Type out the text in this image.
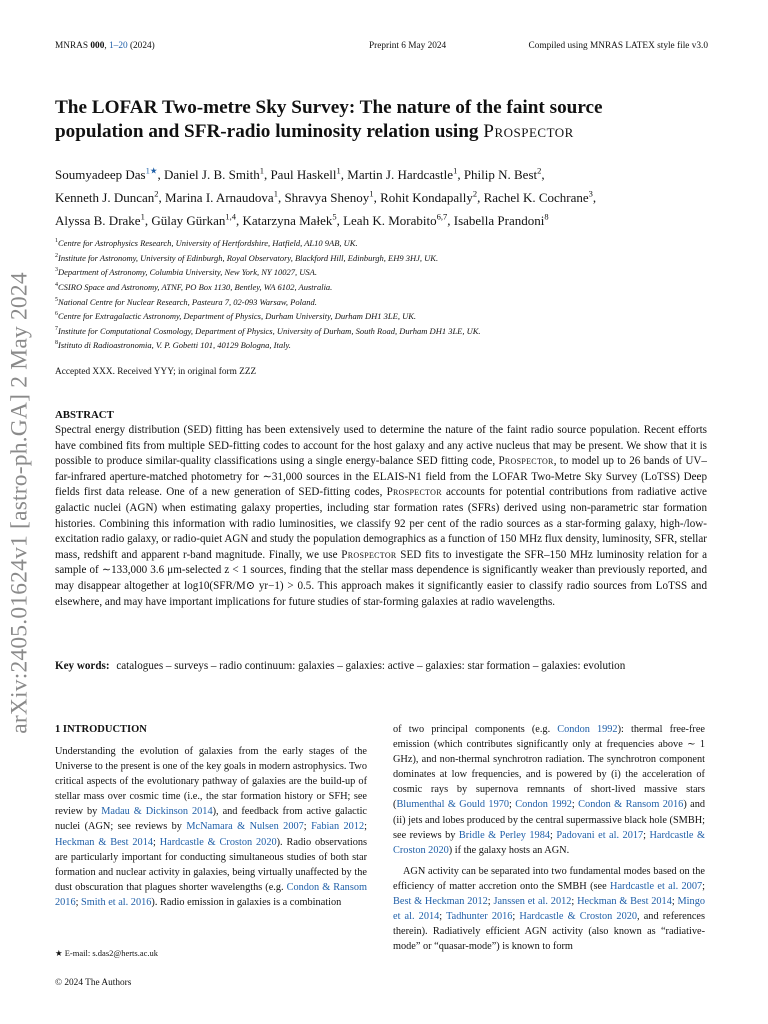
arXiv:2405.01624v1 [astro-ph.GA] 2 May 2024
MNRAS 000, 1–20 (2024)	Preprint 6 May 2024	Compiled using MNRAS LATEX style file v3.0
The LOFAR Two-metre Sky Survey: The nature of the faint source
population and SFR-radio luminosity relation using Prospector
Soumyadeep Das$^{1★}$, Daniel J. B. Smith$^1$, Paul Haskell$^1$, Martin J. Hardcastle$^1$, Philip N. Best$^2$,
Kenneth J. Duncan$^2$, Marina I. Arnaudova$^1$, Shravya Shenoy$^1$, Rohit Kondapally$^2$, Rachel K. Cochrane$^3$,
Alyssa B. Drake$^1$, Gülay Gürkan$^{1,4}$, Katarzyna Małek$^5$, Leah K. Morabito$^{6,7}$, Isabella Prandoni$^8$
$^1$Centre for Astrophysics Research, University of Hertfordshire, Hatfield, AL10 9AB, UK.
$^2$Institute for Astronomy, University of Edinburgh, Royal Observatory, Blackford Hill, Edinburgh, EH9 3HJ, UK.
$^3$Department of Astronomy, Columbia University, New York, NY 10027, USA.
$^4$CSIRO Space and Astronomy, ATNF, PO Box 1130, Bentley, WA 6102, Australia.
$^5$National Centre for Nuclear Research, Pasteura 7, 02-093 Warsaw, Poland.
$^6$Centre for Extragalactic Astronomy, Department of Physics, Durham University, Durham DH1 3LE, UK.
$^7$Institute for Computational Cosmology, Department of Physics, University of Durham, South Road, Durham DH1 3LE, UK.
$^8$Istituto di Radioastronomia, V. P. Gobetti 101, 40129 Bologna, Italy.
Accepted XXX. Received YYY; in original form ZZZ
ABSTRACT
Spectral energy distribution (SED) fitting has been extensively used to determine the nature of the faint radio source population. Recent efforts have combined fits from multiple SED-fitting codes to account for the host galaxy and any active nucleus that may be present. We show that it is possible to produce similar-quality classifications using a single energy-balance SED fitting code, Prospector, to model up to 26 bands of UV–far-infrared aperture-matched photometry for ∼31,000 sources in the ELAIS-N1 field from the LOFAR Two-Metre Sky Survey (LoTSS) Deep fields first data release. One of a new generation of SED-fitting codes, Prospector accounts for potential contributions from radiative active galactic nuclei (AGN) when estimating galaxy properties, including star formation rates (SFRs) derived using non-parametric star formation histories. Combining this information with radio luminosities, we classify 92 per cent of the radio sources as a star-forming galaxy, high-/low-excitation radio galaxy, or radio-quiet AGN and study the population demographics as a function of 150 MHz flux density, luminosity, SFR, stellar mass, redshift and apparent r-band magnitude. Finally, we use Prospector SED fits to investigate the SFR–150 MHz luminosity relation for a sample of ∼133,000 3.6 μm-selected z < 1 sources, finding that the stellar mass dependence is significantly weaker than previously reported, and may disappear altogether at log10(SFR/M⊙ yr−1) > 0.5. This approach makes it significantly easier to classify radio sources from LoTSS and elsewhere, and may have important implications for future studies of star-forming galaxies at radio wavelengths.
Key words: catalogues – surveys – radio continuum: galaxies – galaxies: active – galaxies: star formation – galaxies: evolution
1 INTRODUCTION

Understanding the evolution of galaxies from the early stages of the Universe to the present is one of the key goals in modern astrophysics. Two critical aspects of the evolutionary pathway of galaxies are the build-up of stellar mass over cosmic time (i.e., the star formation history or SFH; see review by Madau & Dickinson 2014), and feedback from active galactic nuclei (AGN; see reviews by McNamara & Nulsen 2007; Fabian 2012; Heckman & Best 2014; Hardcastle & Croston 2020). Radio observations are particularly important for conducting simultaneous studies of both star formation and nuclear activity in galaxies, being virtually unaffected by the dust obscuration that plagues shorter wavelengths (e.g. Condon & Ransom 2016; Smith et al. 2016). Radio emission in galaxies is a combination

of two principal components (e.g. Condon 1992): thermal free-free emission (which contributes significantly only at frequencies above ∼ 1 GHz), and non-thermal synchrotron radiation. The synchrotron component dominates at low frequencies, and is powered by (i) the acceleration of cosmic rays by supernova remnants of short-lived massive stars (Blumenthal & Gould 1970; Condon 1992; Condon & Ransom 2016) and (ii) jets and lobes produced by the central supermassive black hole (SMBH; see reviews by Bridle & Perley 1984; Padovani et al. 2017; Hardcastle & Croston 2020) if the galaxy hosts an AGN.

AGN activity can be separated into two fundamental modes based on the efficiency of matter accretion onto the SMBH (see Hardcastle et al. 2007; Best & Heckman 2012; Janssen et al. 2012; Heckman & Best 2014; Mingo et al. 2014; Tadhunter 2016; Hardcastle & Croston 2020, and references therein). Radiatively efficient AGN activity (also known as “radiative-mode” or “quasar-mode”) is known to form

★ E-mail: s.das2@herts.ac.uk
© 2024 The Authors
